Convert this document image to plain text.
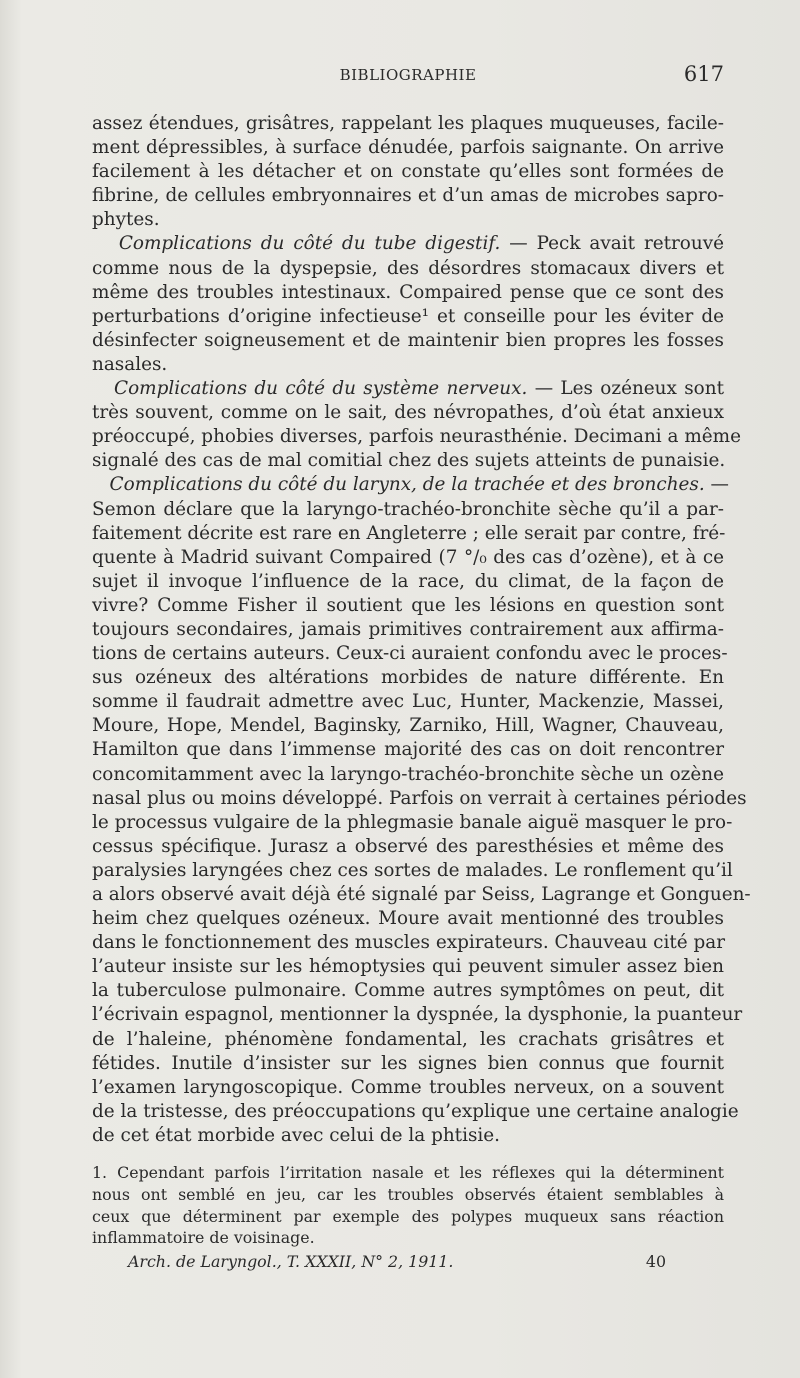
BIBLIOGRAPHIE	617
assez étendues, grisâtres, rappelant les plaques muqueuses, facile-
ment dépressibles, à surface dénudée, parfois saignante. On arrive
facilement à les détacher et on constate qu’elles sont formées de
fibrine, de cellules embryonnaires et d’un amas de microbes sapro-
phytes.
Complications du côté du tube digestif. — Peck avait retrouvé
comme nous de la dyspepsie, des désordres stomacaux divers et
même des troubles intestinaux. Compaired pense que ce sont des
perturbations d’origine infectieuse¹ et conseille pour les éviter de
désinfecter soigneusement et de maintenir bien propres les fosses
nasales.
Complications du côté du système nerveux. — Les ozéneux sont
très souvent, comme on le sait, des névropathes, d’où état anxieux
préoccupé, phobies diverses, parfois neurasthénie. Decimani a même
signalé des cas de mal comitial chez des sujets atteints de punaisie.
Complications du côté du larynx, de la trachée et des bronches. —
Semon déclare que la laryngo-trachéo-bronchite sèche qu’il a par-
faitement décrite est rare en Angleterre ; elle serait par contre, fré-
quente à Madrid suivant Compaired (7 °/₀ des cas d’ozène), et à ce
sujet il invoque l’influence de la race, du climat, de la façon de
vivre? Comme Fisher il soutient que les lésions en question sont
toujours secondaires, jamais primitives contrairement aux affirma-
tions de certains auteurs. Ceux-ci auraient confondu avec le proces-
sus ozéneux des altérations morbides de nature différente. En
somme il faudrait admettre avec Luc, Hunter, Mackenzie, Massei,
Moure, Hope, Mendel, Baginsky, Zarniko, Hill, Wagner, Chauveau,
Hamilton que dans l’immense majorité des cas on doit rencontrer
concomitamment avec la laryngo-trachéo-bronchite sèche un ozène
nasal plus ou moins développé. Parfois on verrait à certaines périodes
le processus vulgaire de la phlegmasie banale aiguë masquer le pro-
cessus spécifique. Jurasz a observé des paresthésies et même des
paralysies laryngées chez ces sortes de malades. Le ronflement qu’il
a alors observé avait déjà été signalé par Seiss, Lagrange et Gonguen-
heim chez quelques ozéneux. Moure avait mentionné des troubles
dans le fonctionnement des muscles expirateurs. Chauveau cité par
l’auteur insiste sur les hémoptysies qui peuvent simuler assez bien
la tuberculose pulmonaire. Comme autres symptômes on peut, dit
l’écrivain espagnol, mentionner la dyspnée, la dysphonie, la puanteur
de l’haleine, phénomène fondamental, les crachats grisâtres et
fétides. Inutile d’insister sur les signes bien connus que fournit
l’examen laryngoscopique. Comme troubles nerveux, on a souvent
de la tristesse, des préoccupations qu’explique une certaine analogie
de cet état morbide avec celui de la phtisie.
1. Cependant parfois l’irritation nasale et les réflexes qui la déterminent
nous ont semblé en jeu, car les troubles observés étaient semblables à
ceux que déterminent par exemple des polypes muqueux sans réaction
inflammatoire de voisinage.
Arch. de Laryngol., T. XXXII, N° 2, 1911.	40
